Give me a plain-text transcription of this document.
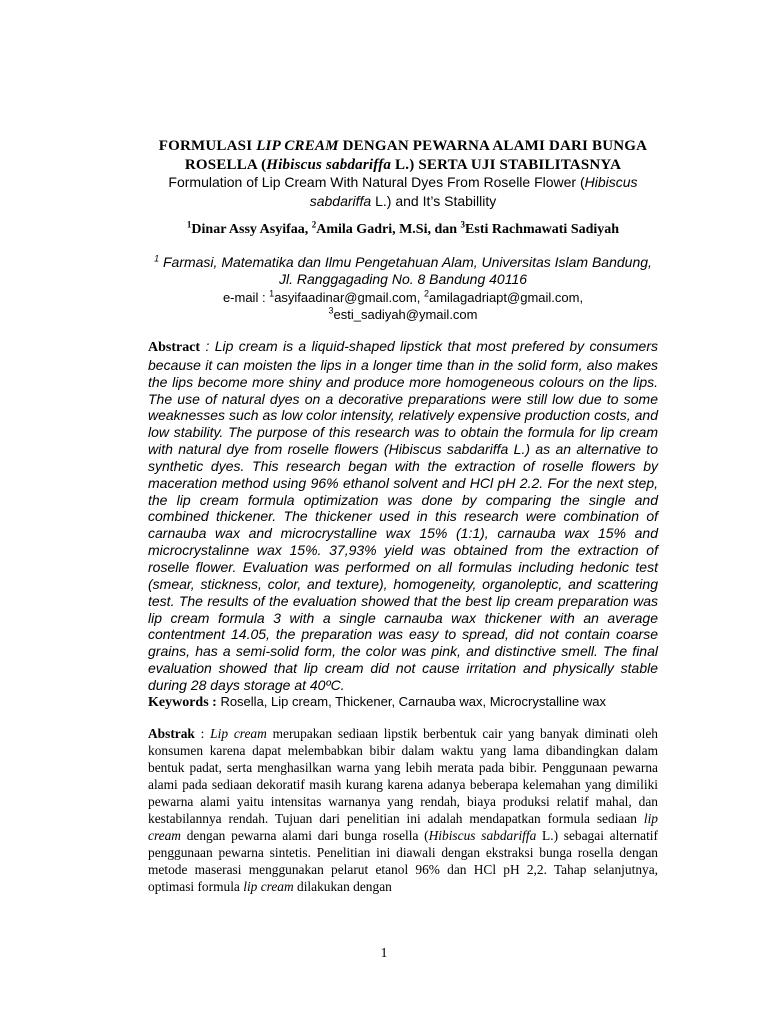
FORMULASI LIP CREAM DENGAN PEWARNA ALAMI DARI BUNGA
ROSELLA (Hibiscus sabdariffa L.) SERTA UJI STABILITASNYA
Formulation of Lip Cream With Natural Dyes From Roselle Flower (Hibiscus sabdariffa L.) and It’s Stabillity
$^1$Dinar Assy Asyifaa, $^2$Amila Gadri, M.Si, dan $^3$Esti Rachmawati Sadiyah
$^1$ Farmasi, Matematika dan Ilmu Pengetahuan Alam, Universitas Islam Bandung,
Jl. Ranggagading No. 8 Bandung 40116
e-mail : $^1$asyifaadinar@gmail.com, $^2$amilagadriapt@gmail.com,
$^3$esti_sadiyah@ymail.com

Abstract : Lip cream is a liquid-shaped lipstick that most prefered by consumers because it can moisten the lips in a longer time than in the solid form, also makes the lips become more shiny and produce more homogeneous colours on the lips. The use of natural dyes on a decorative preparations were still low due to some weaknesses such as low color intensity, relatively expensive production costs, and low stability. The purpose of this research was to obtain the formula for lip cream with natural dye from roselle flowers (Hibiscus sabdariffa L.) as an alternative to synthetic dyes. This research began with the extraction of roselle flowers by maceration method using 96% ethanol solvent and HCl pH 2.2. For the next step, the lip cream formula optimization was done by comparing the single and combined thickener. The thickener used in this research were combination of carnauba wax and microcrystalline wax 15% (1:1), carnauba wax 15% and microcrystalinne wax 15%. 37,93% yield was obtained from the extraction of roselle flower. Evaluation was performed on all formulas including hedonic test (smear, stickness, color, and texture), homogeneity, organoleptic, and scattering test. The results of the evaluation showed that the best lip cream preparation was lip cream formula 3 with a single carnauba wax thickener with an average contentment 14.05, the preparation was easy to spread, did not contain coarse grains, has a semi-solid form, the color was pink, and distinctive smell. The final evaluation showed that lip cream did not cause irritation and physically stable during 28 days storage at 40ºC.

Keywords : Rosella, Lip cream, Thickener, Carnauba wax, Microcrystalline wax

Abstrak : Lip cream merupakan sediaan lipstik berbentuk cair yang banyak diminati oleh konsumen karena dapat melembabkan bibir dalam waktu yang lama dibandingkan dalam bentuk padat, serta menghasilkan warna yang lebih merata pada bibir. Penggunaan pewarna alami pada sediaan dekoratif masih kurang karena adanya beberapa kelemahan yang dimiliki pewarna alami yaitu intensitas warnanya yang rendah, biaya produksi relatif mahal, dan kestabilannya rendah. Tujuan dari penelitian ini adalah mendapatkan formula sediaan lip cream dengan pewarna alami dari bunga rosella (Hibiscus sabdariffa L.) sebagai alternatif penggunaan pewarna sintetis. Penelitian ini diawali dengan ekstraksi bunga rosella dengan metode maserasi menggunakan pelarut etanol 96% dan HCl pH 2,2. Tahap selanjutnya, optimasi formula lip cream dilakukan dengan

1
